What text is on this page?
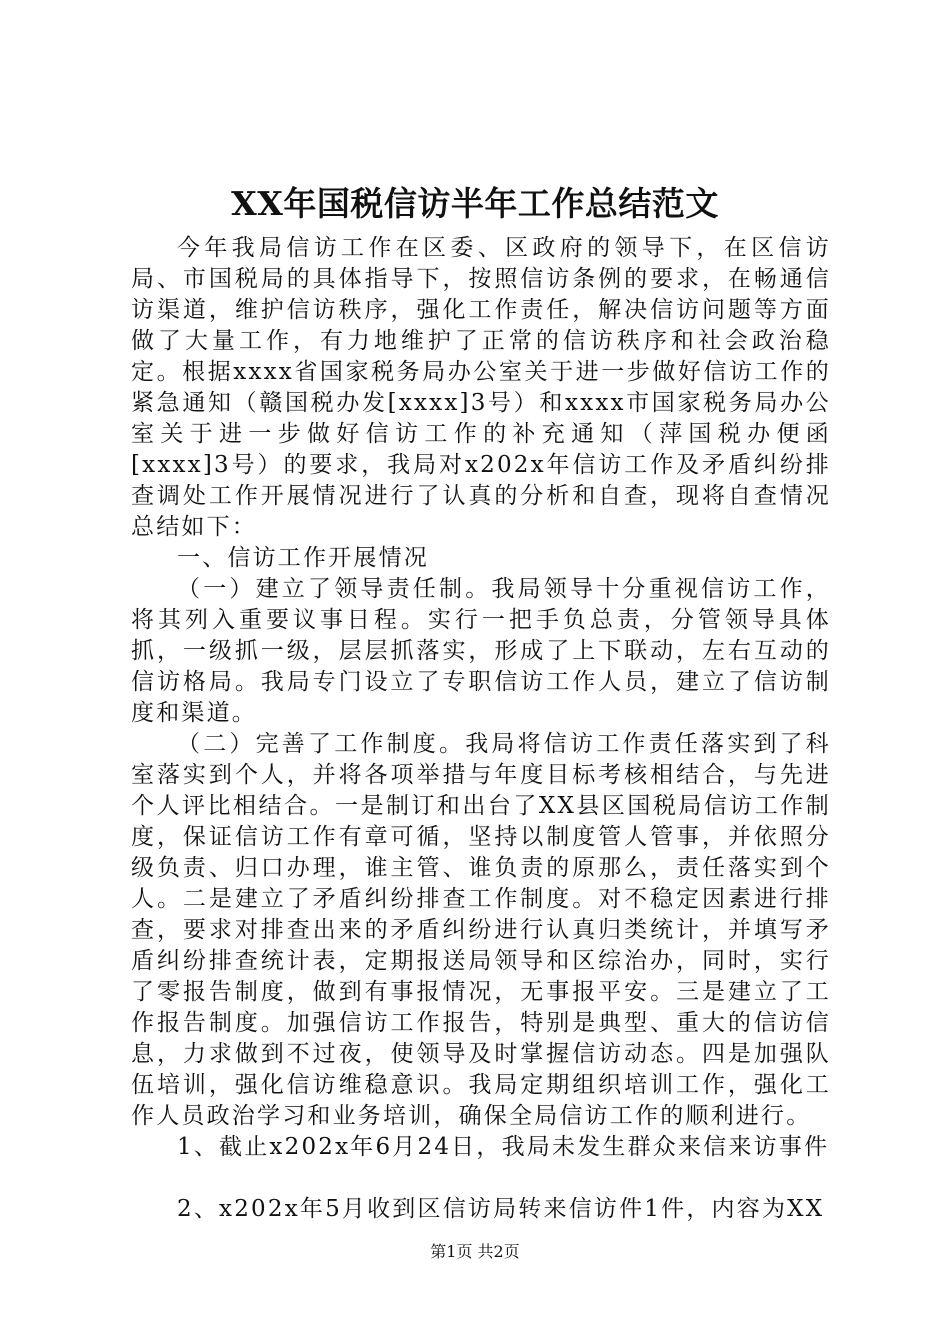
XX年国税信访半年工作总结范文

今年我局信访工作在区委、区政府的领导下，在区信访局、市国税局的具体指导下，按照信访条例的要求，在畅通信访渠道，维护信访秩序，强化工作责任，解决信访问题等方面做了大量工作，有力地维护了正常的信访秩序和社会政治稳定。根据xxxx省国家税务局办公室关于进一步做好信访工作的紧急通知（赣国税办发[xxxx]3号）和xxxx市国家税务局办公室关于进一步做好信访工作的补充通知（萍国税办便函[xxxx]3号）的要求，我局对x202x年信访工作及矛盾纠纷排查调处工作开展情况进行了认真的分析和自查，现将自查情况总结如下：

一、信访工作开展情况

（一）建立了领导责任制。我局领导十分重视信访工作，将其列入重要议事日程。实行一把手负总责，分管领导具体抓，一级抓一级，层层抓落实，形成了上下联动，左右互动的信访格局。我局专门设立了专职信访工作人员，建立了信访制度和渠道。

（二）完善了工作制度。我局将信访工作责任落实到了科室落实到个人，并将各项举措与年度目标考核相结合，与先进个人评比相结合。一是制订和出台了XX县区国税局信访工作制度，保证信访工作有章可循，坚持以制度管人管事，并依照分级负责、归口办理，谁主管、谁负责的原那么，责任落实到个人。二是建立了矛盾纠纷排查工作制度。对不稳定因素进行排查，要求对排查出来的矛盾纠纷进行认真归类统计，并填写矛盾纠纷排查统计表，定期报送局领导和区综治办，同时，实行了零报告制度，做到有事报情况，无事报平安。三是建立了工作报告制度。加强信访工作报告，特别是典型、重大的信访信息，力求做到不过夜，使领导及时掌握信访动态。四是加强队伍培训，强化信访维稳意识。我局定期组织培训工作，强化工作人员政治学习和业务培训，确保全局信访工作的顺利进行。

1、截止x202x年6月24日，我局未发生群众来信来访事件

2、x202x年5月收到区信访局转来信访件1件，内容为XX

第1页 共2页
